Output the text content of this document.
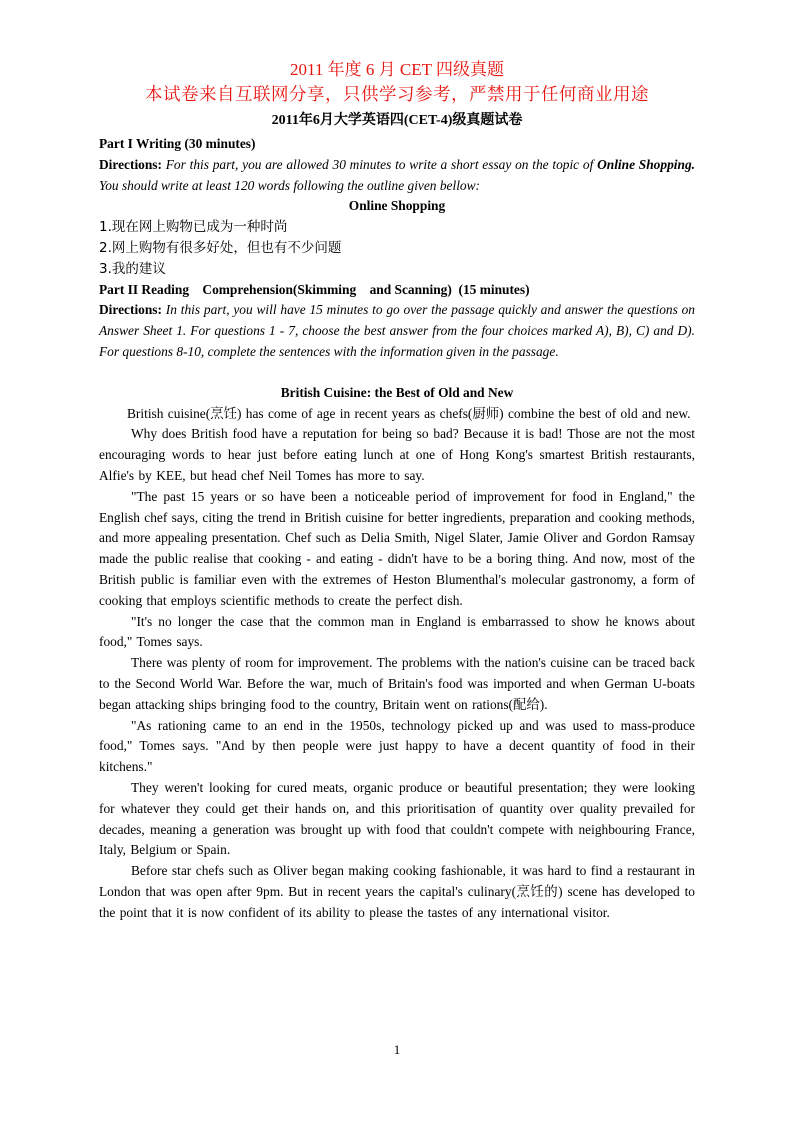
2011 年度 6 月 CET 四级真题

本试卷来自互联网分享，只供学习参考，严禁用于任何商业用途

2011年6月大学英语四(CET-4)级真题试卷

Part I Writing (30 minutes)

Directions: For this part, you are allowed 30 minutes to write a short essay on the topic of Online Shopping. You should write at least 120 words following the outline given bellow:

Online Shopping

1.现在网上购物已成为一种时尚

2.网上购物有很多好处，但也有不少问题

3.我的建议

Part II Reading    Comprehension(Skimming    and Scanning)  (15 minutes)

Directions: In this part, you will have 15 minutes to go over the passage quickly and answer the questions on Answer Sheet 1. For questions 1 - 7, choose the best answer from the four choices marked A), B), C) and D). For questions 8-10, complete the sentences with the information given in the passage.

British Cuisine: the Best of Old and New

British cuisine(烹饪) has come of age in recent years as chefs(厨师) combine the best of old and new.

Why does British food have a reputation for being so bad? Because it is bad! Those are not the most encouraging words to hear just before eating lunch at one of Hong Kong's smartest British restaurants, Alfie's by KEE, but head chef Neil Tomes has more to say.

"The past 15 years or so have been a noticeable period of improvement for food in England," the English chef says, citing the trend in British cuisine for better ingredients, preparation and cooking methods, and more appealing presentation. Chef such as Delia Smith, Nigel Slater, Jamie Oliver and Gordon Ramsay made the public realise that cooking - and eating - didn't have to be a boring thing. And now, most of the British public is familiar even with the extremes of Heston Blumenthal's molecular gastronomy, a form of cooking that employs scientific methods to create the perfect dish.

"It's no longer the case that the common man in England is embarrassed to show he knows about food," Tomes says.

There was plenty of room for improvement. The problems with the nation's cuisine can be traced back to the Second World War. Before the war, much of Britain's food was imported and when German U-boats began attacking ships bringing food to the country, Britain went on rations(配给).

"As rationing came to an end in the 1950s, technology picked up and was used to mass-produce food," Tomes says. "And by then people were just happy to have a decent quantity of food in their kitchens."

They weren't looking for cured meats, organic produce or beautiful presentation; they were looking for whatever they could get their hands on, and this prioritisation of quantity over quality prevailed for decades, meaning a generation was brought up with food that couldn't compete with neighbouring France, Italy, Belgium or Spain.

Before star chefs such as Oliver began making cooking fashionable, it was hard to find a restaurant in London that was open after 9pm. But in recent years the capital's culinary(烹饪的) scene has developed to the point that it is now confident of its ability to please the tastes of any international visitor.

1
